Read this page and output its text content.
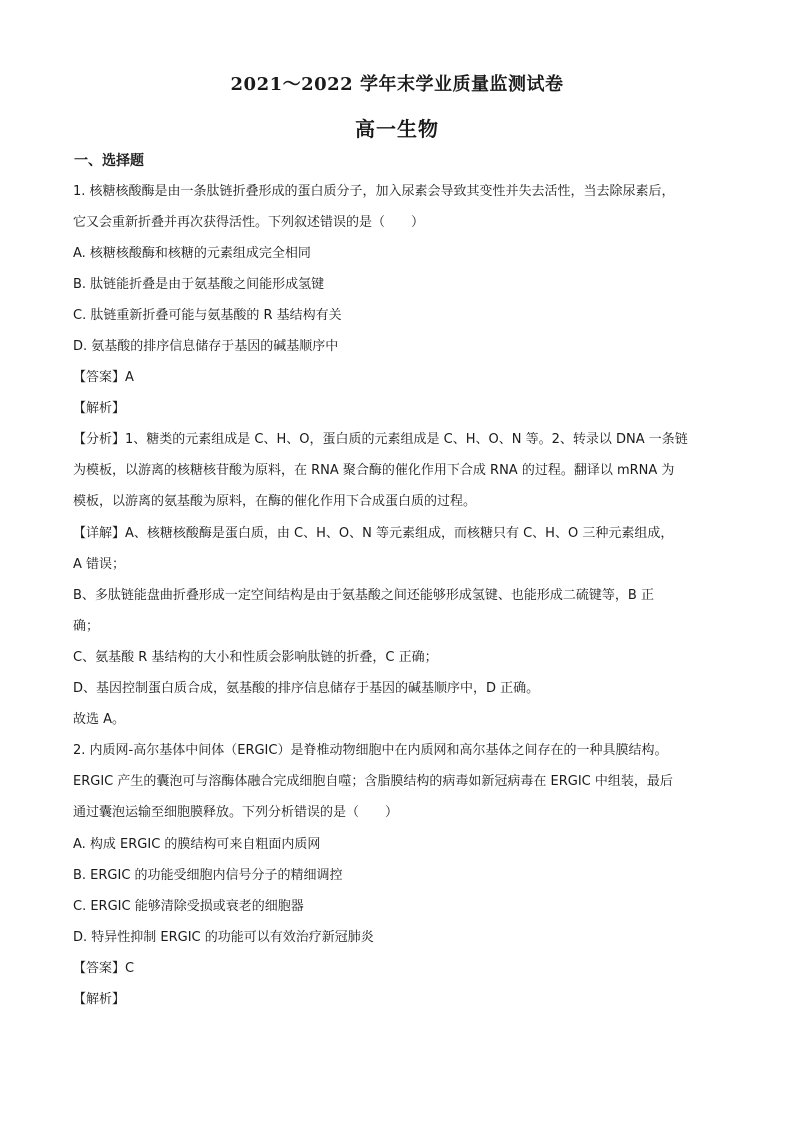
2021～2022 学年末学业质量监测试卷
高一生物
一、选择题
1. 核糖核酸酶是由一条肽链折叠形成的蛋白质分子，加入尿素会导致其变性并失去活性，当去除尿素后，
它又会重新折叠并再次获得活性。下列叙述错误的是（　　）
A. 核糖核酸酶和核糖的元素组成完全相同
B. 肽链能折叠是由于氨基酸之间能形成氢键
C. 肽链重新折叠可能与氨基酸的 R 基结构有关
D. 氨基酸的排序信息储存于基因的碱基顺序中
【答案】A
【解析】
【分析】1、糖类的元素组成是 C、H、O，蛋白质的元素组成是 C、H、O、N 等。2、转录以 DNA 一条链
为模板，以游离的核糖核苷酸为原料，在 RNA 聚合酶的催化作用下合成 RNA 的过程。翻译以 mRNA 为
模板，以游离的氨基酸为原料，在酶的催化作用下合成蛋白质的过程。
【详解】A、核糖核酸酶是蛋白质，由 C、H、O、N 等元素组成，而核糖只有 C、H、O 三种元素组成，
A 错误；
B、多肽链能盘曲折叠形成一定空间结构是由于氨基酸之间还能够形成氢键、也能形成二硫键等，B 正
确；
C、氨基酸 R 基结构的大小和性质会影响肽链的折叠，C 正确；
D、基因控制蛋白质合成，氨基酸的排序信息储存于基因的碱基顺序中，D 正确。
故选 A。
2. 内质网-高尔基体中间体（ERGIC）是脊椎动物细胞中在内质网和高尔基体之间存在的一种具膜结构。
ERGIC 产生的囊泡可与溶酶体融合完成细胞自噬；含脂膜结构的病毒如新冠病毒在 ERGIC 中组装，最后
通过囊泡运输至细胞膜释放。下列分析错误的是（　　）
A. 构成 ERGIC 的膜结构可来自粗面内质网
B. ERGIC 的功能受细胞内信号分子的精细调控
C. ERGIC 能够清除受损或衰老的细胞器
D. 特异性抑制 ERGIC 的功能可以有效治疗新冠肺炎
【答案】C
【解析】
